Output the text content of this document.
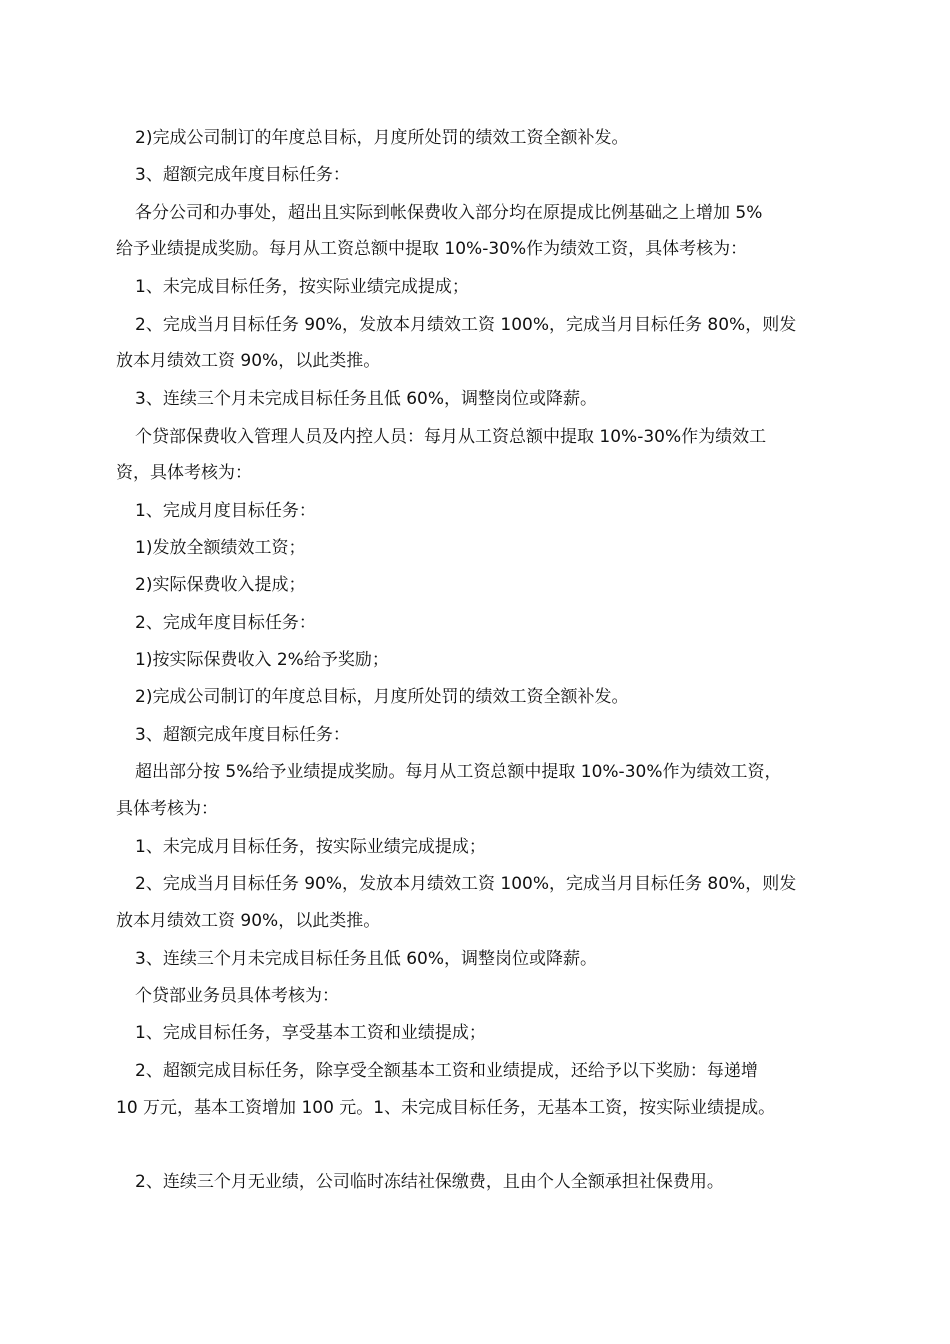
2)完成公司制订的年度总目标，月度所处罚的绩效工资全额补发。
3、超额完成年度目标任务：
各分公司和办事处，超出且实际到帐保费收入部分均在原提成比例基础之上增加 5%
给予业绩提成奖励。每月从工资总额中提取 10%-30%作为绩效工资，具体考核为：
1、未完成目标任务，按实际业绩完成提成；
2、完成当月目标任务 90%，发放本月绩效工资 100%，完成当月目标任务 80%，则发
放本月绩效工资 90%，以此类推。
3、连续三个月未完成目标任务且低 60%，调整岗位或降薪。
个贷部保费收入管理人员及内控人员：每月从工资总额中提取 10%-30%作为绩效工
资，具体考核为：
1、完成月度目标任务：
1)发放全额绩效工资；
2)实际保费收入提成；
2、完成年度目标任务：
1)按实际保费收入 2%给予奖励；
2)完成公司制订的年度总目标，月度所处罚的绩效工资全额补发。
3、超额完成年度目标任务：
超出部分按 5%给予业绩提成奖励。每月从工资总额中提取 10%-30%作为绩效工资，
具体考核为：
1、未完成月目标任务，按实际业绩完成提成；
2、完成当月目标任务 90%，发放本月绩效工资 100%，完成当月目标任务 80%，则发
放本月绩效工资 90%，以此类推。
3、连续三个月未完成目标任务且低 60%，调整岗位或降薪。
个贷部业务员具体考核为：
1、完成目标任务，享受基本工资和业绩提成；
2、超额完成目标任务，除享受全额基本工资和业绩提成，还给予以下奖励：每递增
10 万元，基本工资增加 100 元。1、未完成目标任务，无基本工资，按实际业绩提成。
2、连续三个月无业绩，公司临时冻结社保缴费，且由个人全额承担社保费用。
